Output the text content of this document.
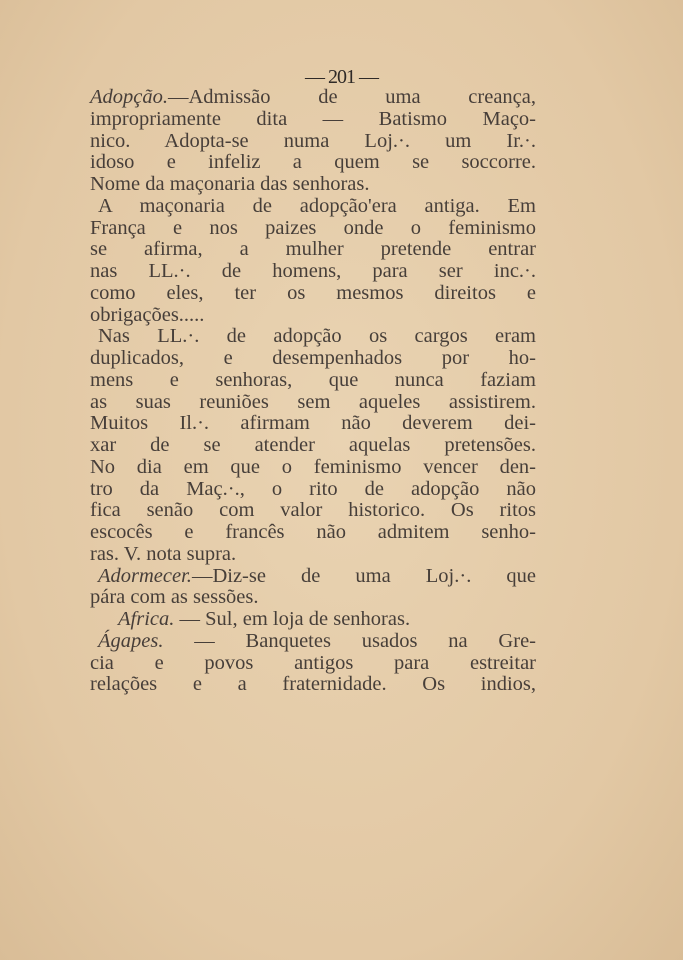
— 201 —
Adopção.—Admissão de uma creança,
impropriamente dita — Batismo Maço-
nico. Adopta-se numa Loj.·. um Ir.·.
idoso e infeliz a quem se soccorre.
Nome da maçonaria das senhoras.
A maçonaria de adopção'era antiga. Em
França e nos paizes onde o feminismo
se afirma, a mulher pretende entrar
nas LL.·. de homens, para ser inc.·.
como eles, ter os mesmos direitos e
obrigações.....
Nas LL.·. de adopção os cargos eram
duplicados, e desempenhados por ho-
mens e senhoras, que nunca faziam
as suas reuniões sem aqueles assistirem.
Muitos Il.·. afirmam não deverem dei-
xar de se atender aquelas pretensões.
No dia em que o feminismo vencer den-
tro da Maç.·., o rito de adopção não
fica senão com valor historico. Os ritos
escocês e francês não admitem senho-
ras. V. nota supra.
Adormecer.—Diz-se de uma Loj.·. que
pára com as sessões.
Africa. — Sul, em loja de senhoras.
Ágapes. — Banquetes usados na Gre-
cia e povos antigos para estreitar
relações e a fraternidade. Os indios,
